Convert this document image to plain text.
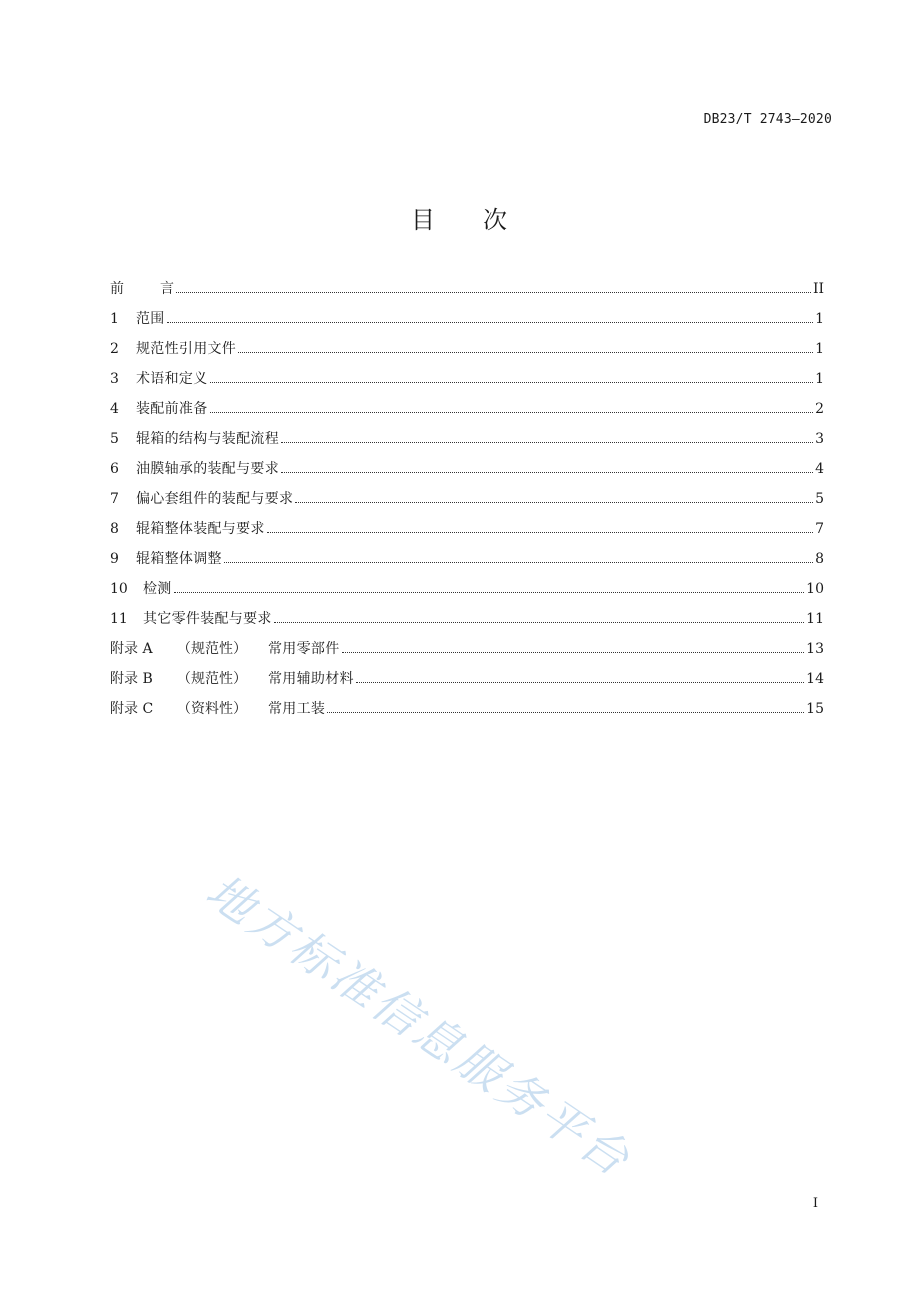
DB23/T 2743—2020
目 次
前	言	II
1	范围	1
2	规范性引用文件	1
3	术语和定义	1
4	装配前准备	2
5	辊箱的结构与装配流程	3
6	油膜轴承的装配与要求	4
7	偏心套组件的装配与要求	5
8	辊箱整体装配与要求	7
9	辊箱整体调整	8
10	检测	10
11	其它零件装配与要求	11
附录 A	（规范性）	常用零部件	13
附录 B	（规范性）	常用辅助材料	14
附录 C	（资料性）	常用工装	15
地方标准信息服务平台
I
